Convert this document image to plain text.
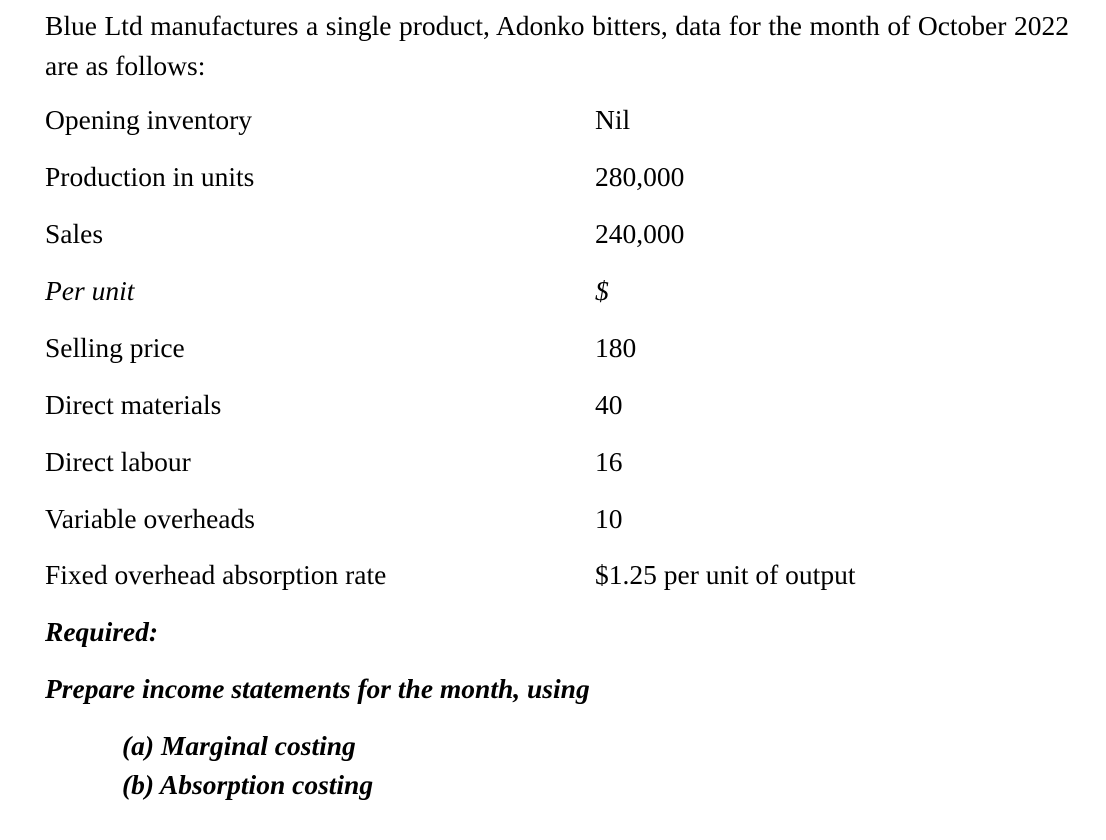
Blue Ltd manufactures a single product, Adonko bitters, data for the month of October 2022 are as follows:

Opening inventory	Nil
Production in units	280,000
Sales	240,000
Per unit	$
Selling price	180
Direct materials	40
Direct labour	16
Variable overheads	10
Fixed overhead absorption rate	$1.25 per unit of output
Required:
Prepare income statements for the month, using
(a) Marginal costing
(b) Absorption costing
